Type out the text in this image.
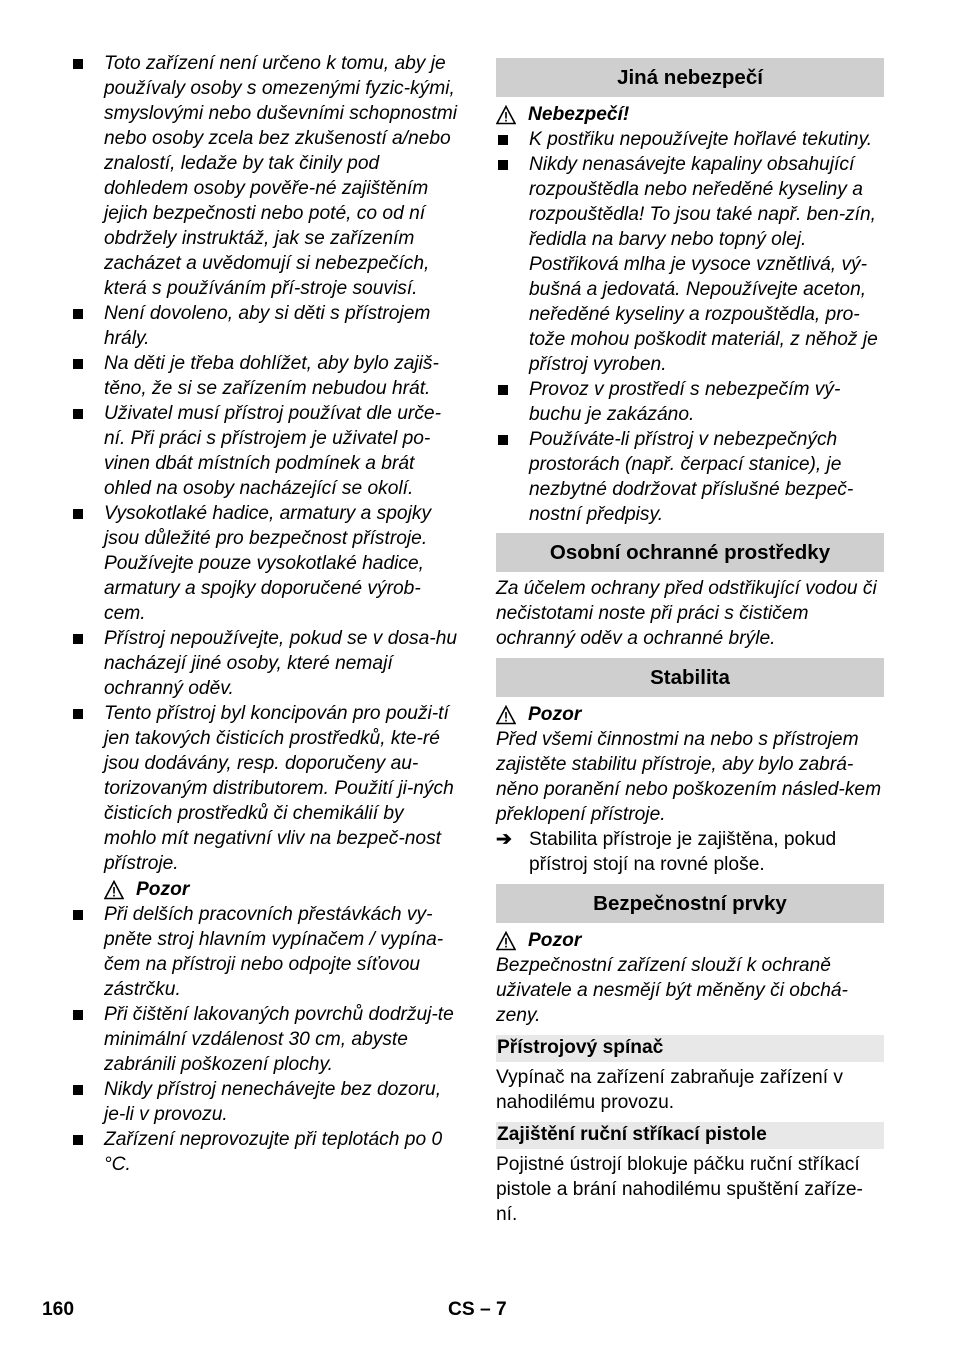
Toto zařízení není určeno k tomu, aby je používaly osoby s omezenými fyzic-kými, smyslovými nebo duševními schopnostmi nebo osoby zcela bez zkušeností a/nebo znalostí, ledaže by tak činily pod dohledem osoby pověře-né zajištěním jejich bezpečnosti nebo poté, co od ní obdržely instruktáž, jak se zařízením zacházet a uvědomují si nebezpečích, která s používáním pří-stroje souvisí.
Není dovoleno, aby si děti s přístrojem hrály.
Na děti je třeba dohlížet, aby bylo zajiš-těno, že si se zařízením nebudou hrát.
Uživatel musí přístroj používat dle urče-ní. Při práci s přístrojem je uživatel po-vinen dbát místních podmínek a brát ohled na osoby nacházející se okolí.
Vysokotlaké hadice, armatury a spojky jsou důležité pro bezpečnost přístroje. Používejte pouze vysokotlaké hadice, armatury a spojky doporučené výrob-cem.
Přístroj nepoužívejte, pokud se v dosa-hu nacházejí jiné osoby, které nemají ochranný oděv.
Tento přístroj byl koncipován pro použi-tí jen takových čisticích prostředků, kte-ré jsou dodávány, resp. doporučeny au-torizovaným distributorem. Použití ji-ných čisticích prostředků či chemikálií by mohlo mít negativní vliv na bezpeč-nost přístroje.
Pozor
Při delších pracovních přestávkách vy-pněte stroj hlavním vypínačem / vypína-čem na přístroji nebo odpojte síťovou zástrčku.
Při čištění lakovaných povrchů dodržuj-te minimální vzdálenost 30 cm, abyste zabránili poškození plochy.
Nikdy přístroj nenechávejte bez dozoru, je-li v provozu.
Zařízení neprovozujte při teplotách po 0 °C.
Jiná nebezpečí
Nebezpečí!
K postřiku nepoužívejte hořlavé tekutiny.
Nikdy nenasávejte kapaliny obsahující rozpouštědla nebo neředěné kyseliny a rozpouštědla! To jsou také např. ben-zín, ředidla na barvy nebo topný olej. Postřiková mlha je vysoce vznětlivá, vý-bušná a jedovatá. Nepoužívejte aceton, neředěné kyseliny a rozpouštědla, pro-tože mohou poškodit materiál, z něhož je přístroj vyroben.
Provoz v prostředí s nebezpečím vý-buchu je zakázáno.
Používáte-li přístroj v nebezpečných prostorách (např. čerpací stanice), je nezbytné dodržovat příslušné bezpeč-nostní předpisy.
Osobní ochranné prostředky
Za účelem ochrany před odstřikující vodou či nečistotami noste při práci s čističem ochranný oděv a ochranné brýle.
Stabilita
Pozor
Před všemi činnostmi na nebo s přístrojem zajistěte stabilitu přístroje, aby bylo zabrá-něno poranění nebo poškozením násled-kem překlopení přístroje.
➔ Stabilita přístroje je zajištěna, pokud přístroj stojí na rovné ploše.
Bezpečnostní prvky
Pozor
Bezpečnostní zařízení slouží k ochraně uživatele a nesmějí být měněny či obchá-zeny.
Přístrojový spínač
Vypínač na zařízení zabraňuje zařízení v nahodilému provozu.
Zajištění ruční stříkací pistole
Pojistné ústrojí blokuje páčku ruční stříkací pistole a brání nahodilému spuštění zaříze-ní.
160	CS – 7
